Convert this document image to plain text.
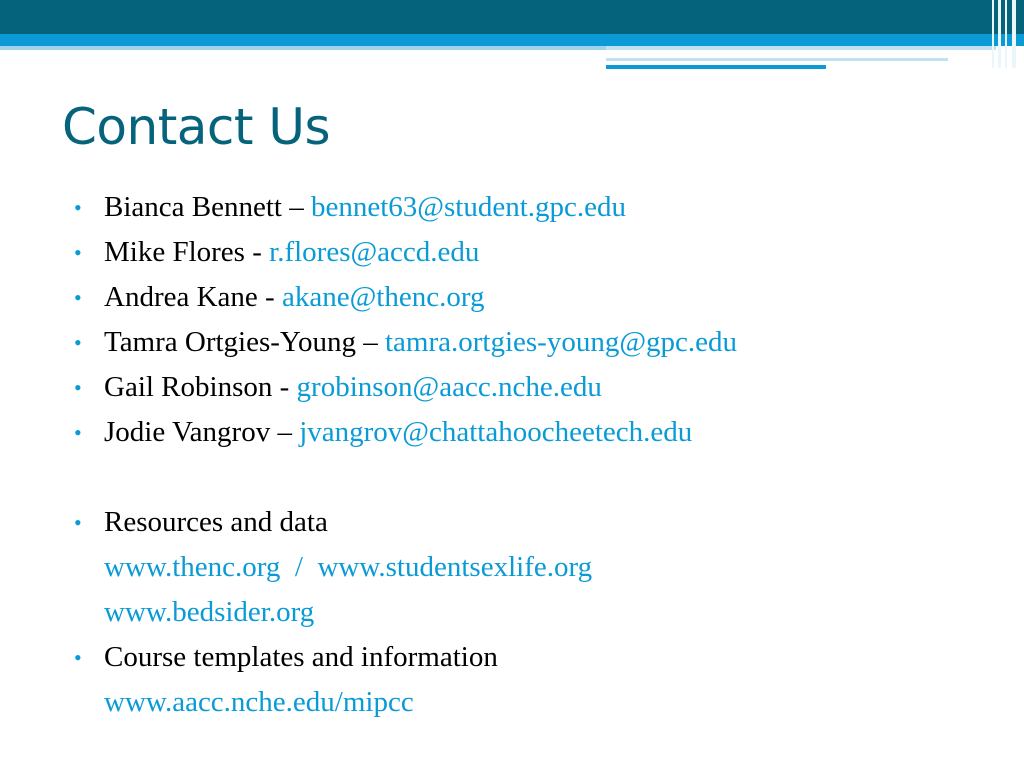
Contact Us
• Bianca Bennett – bennet63@student.gpc.edu
• Mike Flores - r.flores@accd.edu
• Andrea Kane - akane@thenc.org
• Tamra Ortgies-Young – tamra.ortgies-young@gpc.edu
• Gail Robinson - grobinson@aacc.nche.edu
• Jodie Vangrov – jvangrov@chattahoocheetech.edu
• Resources and data
www.thenc.org  /  www.studentsexlife.org
www.bedsider.org
• Course templates and information
www.aacc.nche.edu/mipcc
